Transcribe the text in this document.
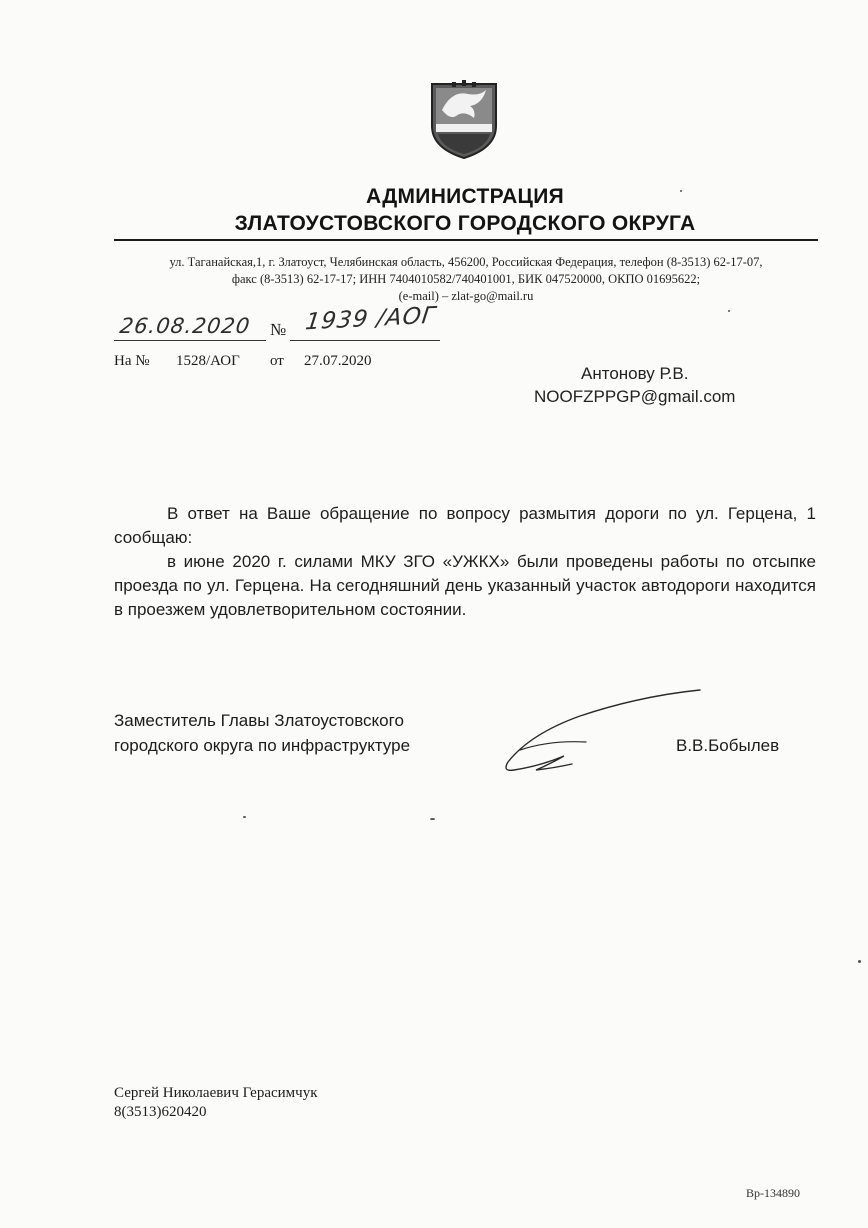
АДМИНИСТРАЦИЯ
ЗЛАТОУСТОВСКОГО ГОРОДСКОГО ОКРУГА
ул. Таганайская,1, г. Златоуст, Челябинская область, 456200, Российская Федерация, телефон (8-3513) 62-17-07,
факс (8-3513) 62-17-17; ИНН 7404010582/740401001, БИК 047520000, ОКПО 01695622;
(e-mail) – zlat-go@mail.ru
26.08.2020 № 1939 /АОГ
На № 1528/АОГ от 27.07.2020
Антонову Р.В.
NOOFZPPGP@gmail.com

В ответ на Ваше обращение по вопросу размытия дороги по ул. Герцена, 1 сообщаю:

в июне 2020 г. силами МКУ ЗГО «УЖКХ» были проведены работы по отсыпке проезда по ул. Герцена. На сегодняшний день указанный участок автодороги находится в проезжем удовлетворительном состоянии.

Заместитель Главы Златоустовского
городского округа по инфраструктуре	В.В.Бобылев
Сергей Николаевич Герасимчук
8(3513)620420
Вр-134890
